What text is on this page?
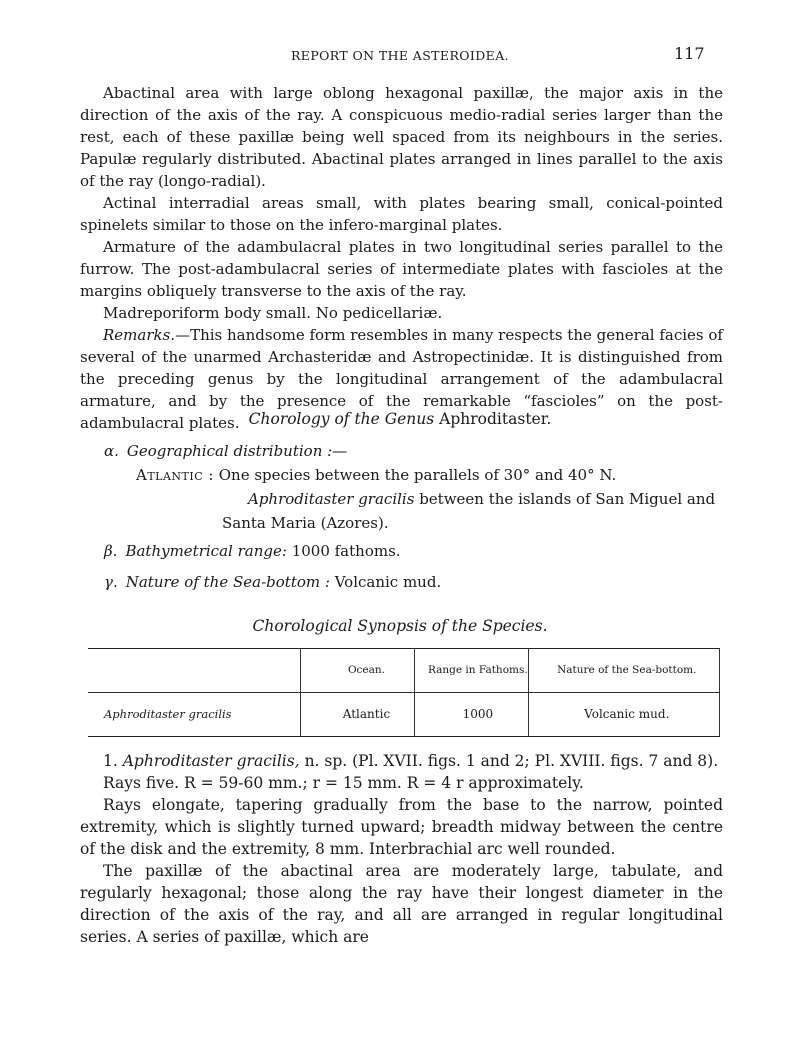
REPORT ON THE ASTEROIDEA.	117

Abactinal area with large oblong hexagonal paxillæ, the major axis in the direction of the axis of the ray. A conspicuous medio-radial series larger than the rest, each of these paxillæ being well spaced from its neighbours in the series. Papulæ regularly distributed. Abactinal plates arranged in lines parallel to the axis of the ray (longo-radial).

Actinal interradial areas small, with plates bearing small, conical-pointed spinelets similar to those on the infero-marginal plates.

Armature of the adambulacral plates in two longitudinal series parallel to the furrow. The post-adambulacral series of intermediate plates with fascioles at the margins obliquely transverse to the axis of the ray.

Madreporiform body small. No pedicellariæ.

Remarks.—This handsome form resembles in many respects the general facies of several of the unarmed Archasteridæ and Astropectinidæ. It is distinguished from the preceding genus by the longitudinal arrangement of the adambulacral armature, and by the presence of the remarkable “fascioles” on the post-adambulacral plates. Chorology of the Genus Aphroditaster.
α. Geographical distribution :—
Atlantic : One species between the parallels of 30° and 40° N.
Aphroditaster gracilis between the islands of San Miguel and
Santa Maria (Azores).
β. Bathymetrical range: 1000 fathoms.
γ. Nature of the Sea-bottom : Volcanic mud.
Chorological Synopsis of the Species.
	Ocean.	Range in Fathoms.	Nature of the Sea-bottom.
Aphroditaster gracilis	Atlantic	1000	Volcanic mud.

1. Aphroditaster gracilis, n. sp. (Pl. XVII. figs. 1 and 2; Pl. XVIII. figs. 7 and 8).

Rays five. R = 59-60 mm.; r = 15 mm. R = 4 r approximately.

Rays elongate, tapering gradually from the base to the narrow, pointed extremity, which is slightly turned upward; breadth midway between the centre of the disk and the extremity, 8 mm. Interbrachial arc well rounded.

The paxillæ of the abactinal area are moderately large, tabulate, and regularly hexagonal; those along the ray have their longest diameter in the direction of the axis of the ray, and all are arranged in regular longitudinal series. A series of paxillæ, which are
